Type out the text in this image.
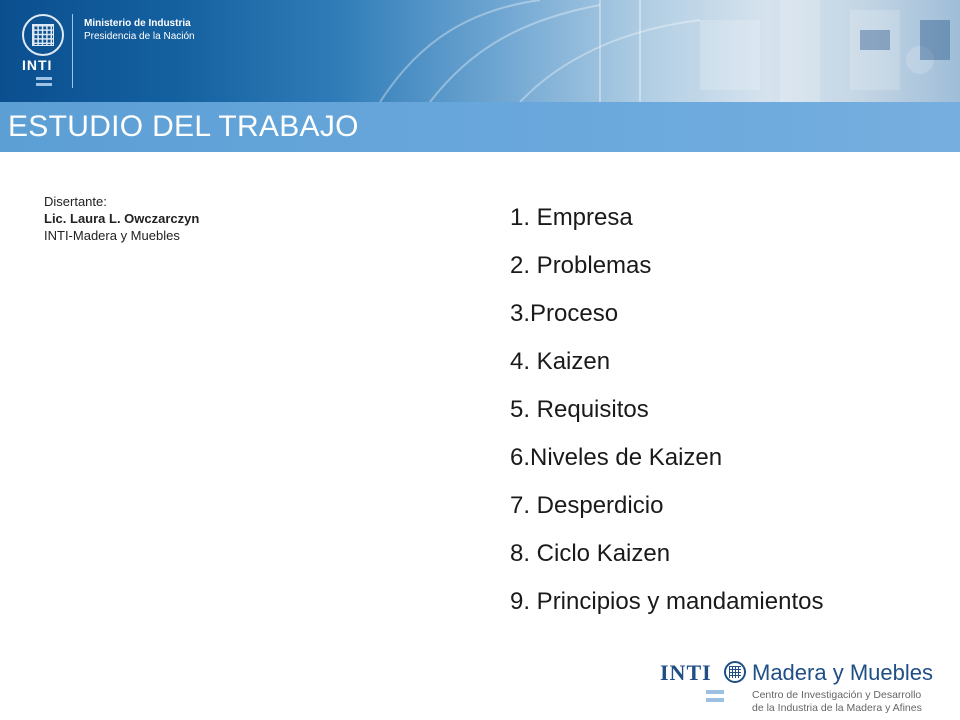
INTI
Ministerio de Industria
Presidencia de la Nación
ESTUDIO DEL TRABAJO
Disertante:
Lic. Laura L. Owczarczyn
INTI-Madera y Muebles
1. Empresa
2. Problemas
3.Proceso
4. Kaizen
5. Requisitos
6.Niveles de Kaizen
7. Desperdicio
8. Ciclo Kaizen
9. Principios y mandamientos
INTI Madera y Muebles
Centro de Investigación y Desarrollo
de la Industria de la Madera y Afines
